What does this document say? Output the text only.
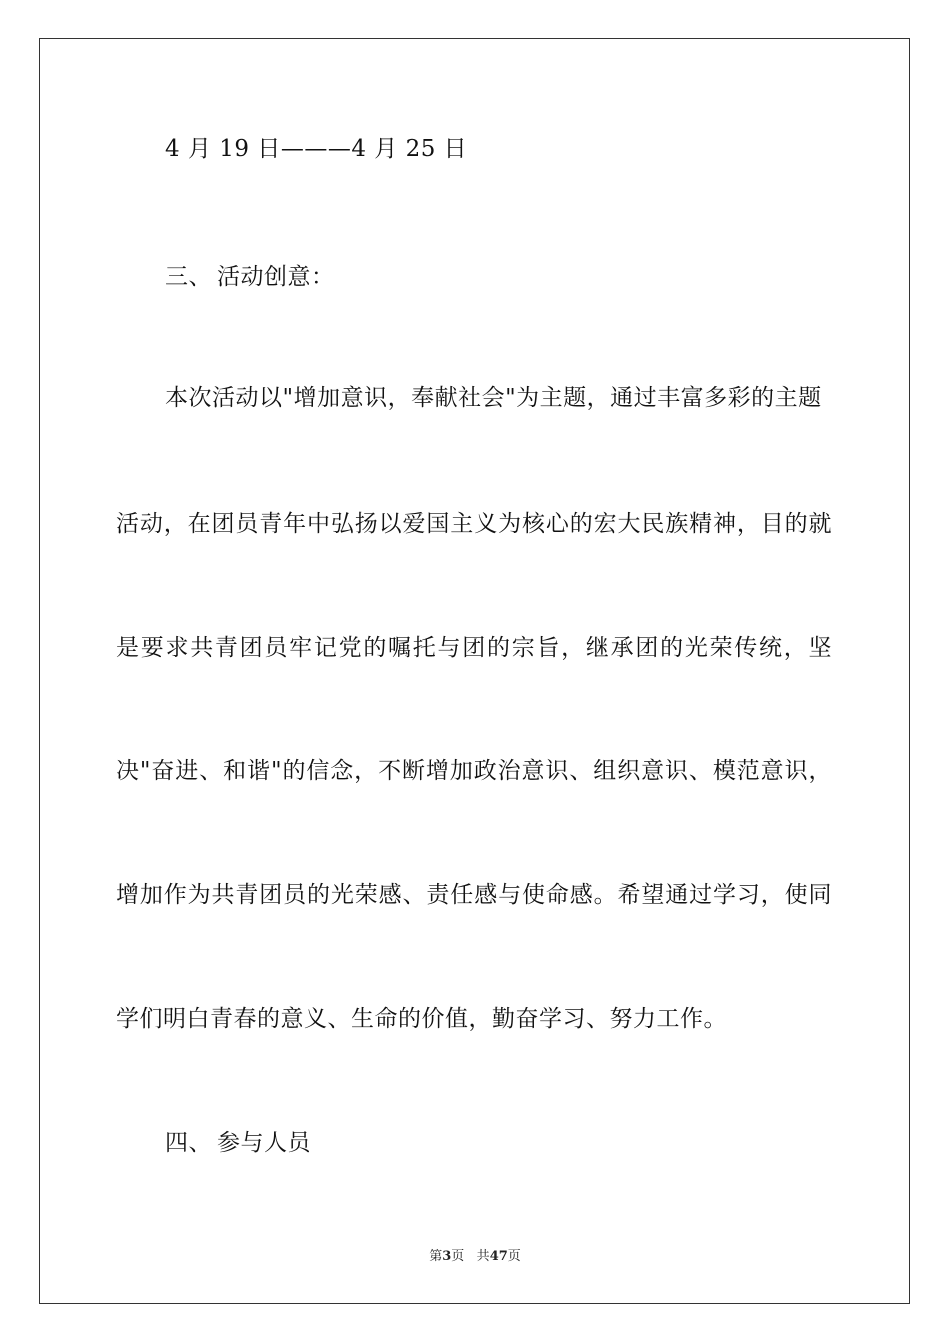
4 月 19 日———4 月 25 日
三、 活动创意：
本次活动以"增加意识，奉献社会"为主题，通过丰富多彩的主题
活动，在团员青年中弘扬以爱国主义为核心的宏大民族精神，目的就
是要求共青团员牢记党的嘱托与团的宗旨，继承团的光荣传统，坚
决"奋进、和谐"的信念，不断增加政治意识、组织意识、模范意识，
增加作为共青团员的光荣感、责任感与使命感。希望通过学习，使同
学们明白青春的意义、生命的价值，勤奋学习、努力工作。
四、 参与人员
第3页 共47页
